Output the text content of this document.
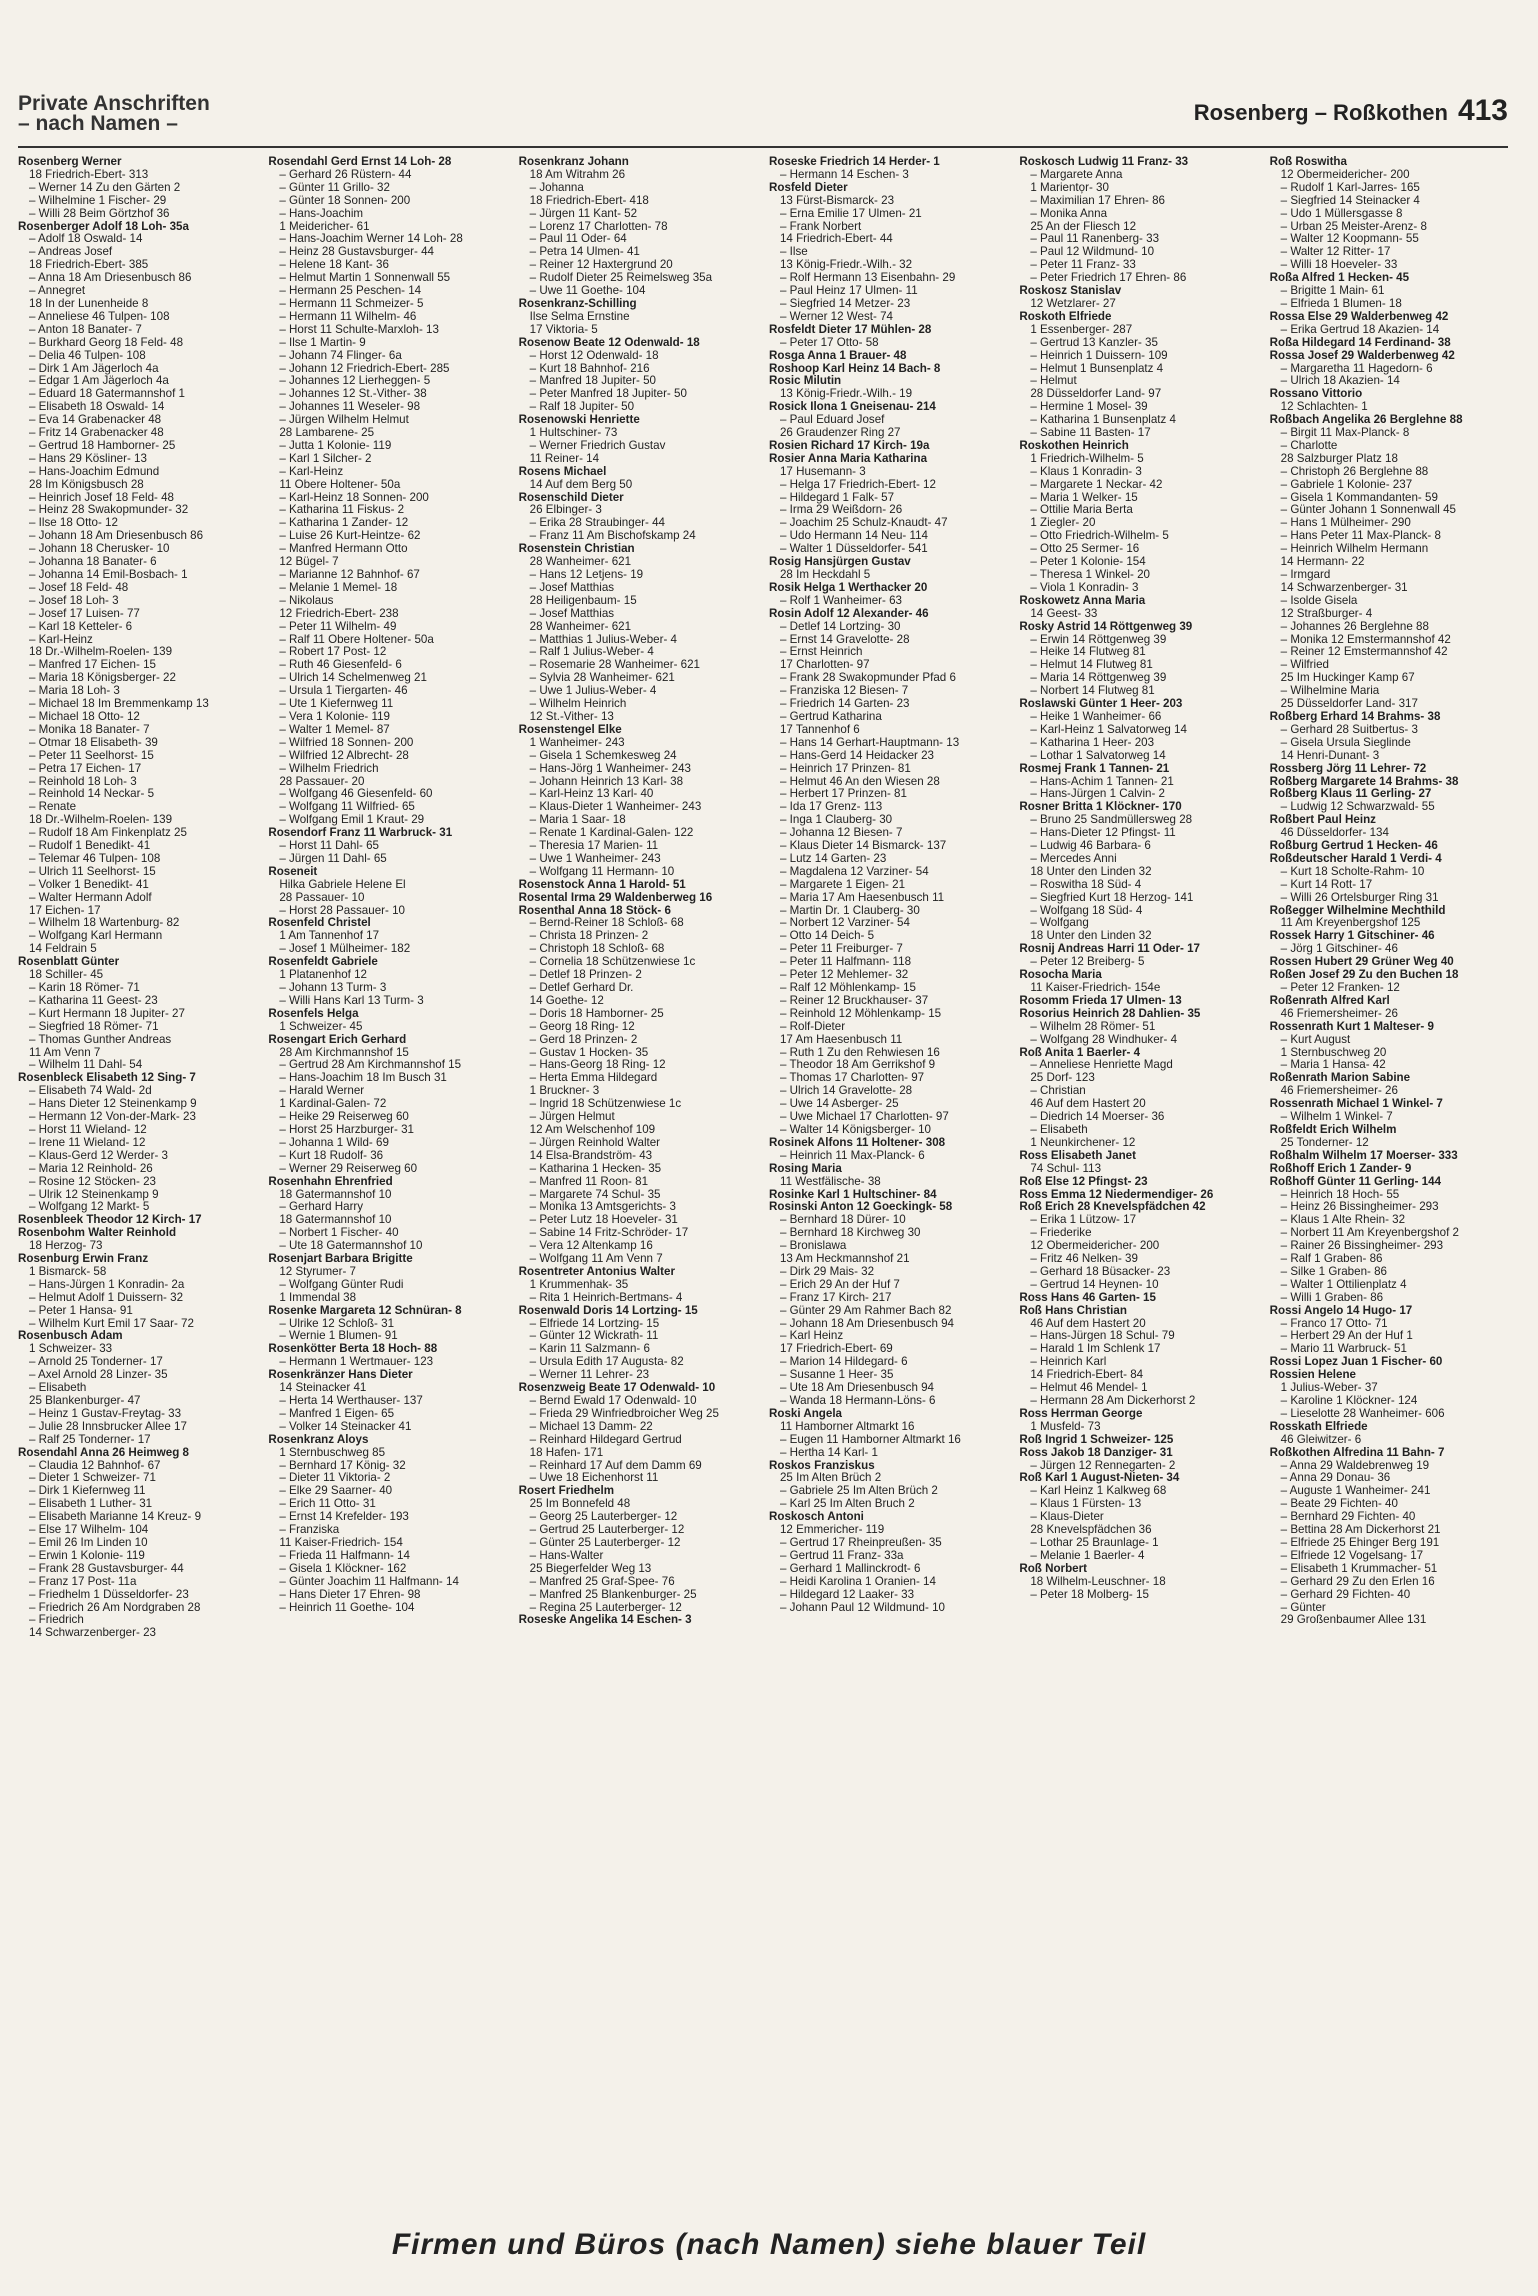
Private Anschriften
– nach Namen –	Rosenberg – Roßkothen 413
Rosenberg Werner
18 Friedrich-Ebert- 313
– Werner 14 Zu den Gärten 2
– Wilhelmine 1 Fischer- 29
– Willi 28 Beim Görtzhof 36
Rosenberger Adolf 18 Loh- 35a
– Adolf 18 Oswald- 14
– Andreas Josef
18 Friedrich-Ebert- 385
– Anna 18 Am Driesenbusch 86
– Annegret
18 In der Lunenheide 8
– Anneliese 46 Tulpen- 108
– Anton 18 Banater- 7
– Burkhard Georg 18 Feld- 48
– Delia 46 Tulpen- 108
– Dirk 1 Am Jägerloch 4a
– Edgar 1 Am Jägerloch 4a
– Eduard 18 Gatermannshof 1
– Elisabeth 18 Oswald- 14
– Eva 14 Grabenacker 48
– Fritz 14 Grabenacker 48
– Gertrud 18 Hamborner- 25
– Hans 29 Kösliner- 13
– Hans-Joachim Edmund
28 Im Königsbusch 28
– Heinrich Josef 18 Feld- 48
– Heinz 28 Swakopmunder- 32
– Ilse 18 Otto- 12
– Johann 18 Am Driesenbusch 86
– Johann 18 Cherusker- 10
– Johanna 18 Banater- 6
– Johanna 14 Emil-Bosbach- 1
– Josef 18 Feld- 48
– Josef 18 Loh- 3
– Josef 17 Luisen- 77
– Karl 18 Ketteler- 6
– Karl-Heinz
18 Dr.-Wilhelm-Roelen- 139
– Manfred 17 Eichen- 15
– Maria 18 Königsberger- 22
– Maria 18 Loh- 3
– Michael 18 Im Bremmenkamp 13
– Michael 18 Otto- 12
– Monika 18 Banater- 7
– Otmar 18 Elisabeth- 39
– Peter 11 Seelhorst- 15
– Petra 17 Eichen- 17
– Reinhold 18 Loh- 3
– Reinhold 14 Neckar- 5
– Renate
18 Dr.-Wilhelm-Roelen- 139
– Rudolf 18 Am Finkenplatz 25
– Rudolf 1 Benedikt- 41
– Telemar 46 Tulpen- 108
– Ulrich 11 Seelhorst- 15
– Volker 1 Benedikt- 41
– Walter Hermann Adolf
17 Eichen- 17
– Wilhelm 18 Wartenburg- 82
– Wolfgang Karl Hermann
14 Feldrain 5
Rosenblatt Günter
18 Schiller- 45
– Karin 18 Römer- 71
– Katharina 11 Geest- 23
– Kurt Hermann 18 Jupiter- 27
– Siegfried 18 Römer- 71
– Thomas Gunther Andreas
11 Am Venn 7
– Wilhelm 11 Dahl- 54
Rosenbleck Elisabeth 12 Sing- 7
– Elisabeth 74 Wald- 2d
– Hans Dieter 12 Steinenkamp 9
– Hermann 12 Von-der-Mark- 23
– Horst 11 Wieland- 12
– Irene 11 Wieland- 12
– Klaus-Gerd 12 Werder- 3
– Maria 12 Reinhold- 26
– Rosine 12 Stöcken- 23
– Ulrik 12 Steinenkamp 9
– Wolfgang 12 Markt- 5
Rosenbleek Theodor 12 Kirch- 17
Rosenbohm Walter Reinhold
18 Herzog- 73
Rosenburg Erwin Franz
1 Bismarck- 58
– Hans-Jürgen 1 Konradin- 2a
– Helmut Adolf 1 Duissern- 32
– Peter 1 Hansa- 91
– Wilhelm Kurt Emil 17 Saar- 72
Rosenbusch Adam
1 Schweizer- 33
– Arnold 25 Tonderner- 17
– Axel Arnold 28 Linzer- 35
– Elisabeth
25 Blankenburger- 47
– Heinz 1 Gustav-Freytag- 33
– Julie 28 Innsbrucker Allee 17
– Ralf 25 Tonderner- 17
Rosendahl Anna 26 Heimweg 8
– Claudia 12 Bahnhof- 67
– Dieter 1 Schweizer- 71
– Dirk 1 Kiefernweg 11
– Elisabeth 1 Luther- 31
– Elisabeth Marianne 14 Kreuz- 9
– Else 17 Wilhelm- 104
– Emil 26 Im Linden 10
– Erwin 1 Kolonie- 119
– Frank 28 Gustavsburger- 44
– Franz 17 Post- 11a
– Friedhelm 1 Düsseldorfer- 23
– Friedrich 26 Am Nordgraben 28
– Friedrich
14 Schwarzenberger- 23
Rosendahl Gerd Ernst 14 Loh- 28
– Gerhard 26 Rüstern- 44
– Günter 11 Grillo- 32
– Günter 18 Sonnen- 200
– Hans-Joachim
1 Meidericher- 61
– Hans-Joachim Werner 14 Loh- 28
– Heinz 28 Gustavsburger- 44
– Helene 18 Kant- 36
– Helmut Martin 1 Sonnenwall 55
– Hermann 25 Peschen- 14
– Hermann 11 Schmeizer- 5
– Hermann 11 Wilhelm- 46
– Horst 11 Schulte-Marxloh- 13
– Ilse 1 Martin- 9
– Johann 74 Flinger- 6a
– Johann 12 Friedrich-Ebert- 285
– Johannes 12 Lierheggen- 5
– Johannes 12 St.-Vither- 38
– Johannes 11 Weseler- 98
– Jürgen Wilhelm Helmut
28 Lambarene- 25
– Jutta 1 Kolonie- 119
– Karl 1 Silcher- 2
– Karl-Heinz
11 Obere Holtener- 50a
– Karl-Heinz 18 Sonnen- 200
– Katharina 11 Fiskus- 2
– Katharina 1 Zander- 12
– Luise 26 Kurt-Heintze- 62
– Manfred Hermann Otto
12 Bügel- 7
– Marianne 12 Bahnhof- 67
– Melanie 1 Memel- 18
– Nikolaus
12 Friedrich-Ebert- 238
– Peter 11 Wilhelm- 49
– Ralf 11 Obere Holtener- 50a
– Robert 17 Post- 12
– Ruth 46 Giesenfeld- 6
– Ulrich 14 Schelmenweg 21
– Ursula 1 Tiergarten- 46
– Ute 1 Kiefernweg 11
– Vera 1 Kolonie- 119
– Walter 1 Memel- 87
– Wilfried 18 Sonnen- 200
– Wilfried 12 Albrecht- 28
– Wilhelm Friedrich
28 Passauer- 20
– Wolfgang 46 Giesenfeld- 60
– Wolfgang 11 Wilfried- 65
– Wolfgang Emil 1 Kraut- 29
Rosendorf Franz 11 Warbruck- 31
– Horst 11 Dahl- 65
– Jürgen 11 Dahl- 65
Roseneit
Hilka Gabriele Helene El
28 Passauer- 10
– Horst 28 Passauer- 10
Rosenfeld Christel
1 Am Tannenhof 17
– Josef 1 Mülheimer- 182
Rosenfeldt Gabriele
1 Platanenhof 12
– Johann 13 Turm- 3
– Willi Hans Karl 13 Turm- 3
Rosenfels Helga
1 Schweizer- 45
Rosengart Erich Gerhard
28 Am Kirchmannshof 15
– Gertrud 28 Am Kirchmannshof 15
– Hans-Joachim 18 Im Busch 31
– Harald Werner
1 Kardinal-Galen- 72
– Heike 29 Reiserweg 60
– Horst 25 Harzburger- 31
– Johanna 1 Wild- 69
– Kurt 18 Rudolf- 36
– Werner 29 Reiserweg 60
Rosenhahn Ehrenfried
18 Gatermannshof 10
– Gerhard Harry
18 Gatermannshof 10
– Norbert 1 Fischer- 40
– Ute 18 Gatermannshof 10
Rosenjart Barbara Brigitte
12 Styrumer- 7
– Wolfgang Günter Rudi
1 Immendal 38
Rosenke Margareta 12 Schnüran- 8
– Ulrike 12 Schloß- 31
– Wernie 1 Blumen- 91
Rosenkötter Berta 18 Hoch- 88
– Hermann 1 Wertmauer- 123
Rosenkränzer Hans Dieter
14 Steinacker 41
– Herta 14 Werthauser- 137
– Manfred 1 Eigen- 65
– Volker 14 Steinacker 41
Rosenkranz Aloys
1 Sternbuschweg 85
– Bernhard 17 König- 32
– Dieter 11 Viktoria- 2
– Elke 29 Saarner- 40
– Erich 11 Otto- 31
– Ernst 14 Krefelder- 193
– Franziska
11 Kaiser-Friedrich- 154
– Frieda 11 Halfmann- 14
– Gisela 1 Klöckner- 162
– Günter Joachim 11 Halfmann- 14
– Hans Dieter 17 Ehren- 98
– Heinrich 11 Goethe- 104
Rosenkranz Johann
18 Am Witrahm 26
– Johanna
18 Friedrich-Ebert- 418
– Jürgen 11 Kant- 52
– Lorenz 17 Charlotten- 78
– Paul 11 Oder- 64
– Petra 14 Ulmen- 41
– Reiner 12 Haxtergrund 20
– Rudolf Dieter 25 Reimelsweg 35a
– Uwe 11 Goethe- 104
Rosenkranz-Schilling
Ilse Selma Ernstine
17 Viktoria- 5
Rosenow Beate 12 Odenwald- 18
– Horst 12 Odenwald- 18
– Kurt 18 Bahnhof- 216
– Manfred 18 Jupiter- 50
– Peter Manfred 18 Jupiter- 50
– Ralf 18 Jupiter- 50
Rosenowski Henriette
1 Hultschiner- 73
– Werner Friedrich Gustav
11 Reiner- 14
Rosens Michael
14 Auf dem Berg 50
Rosenschild Dieter
26 Elbinger- 3
– Erika 28 Straubinger- 44
– Franz 11 Am Bischofskamp 24
Rosenstein Christian
28 Wanheimer- 621
– Hans 12 Letjens- 19
– Josef Matthias
28 Heiligenbaum- 15
– Josef Matthias
28 Wanheimer- 621
– Matthias 1 Julius-Weber- 4
– Ralf 1 Julius-Weber- 4
– Rosemarie 28 Wanheimer- 621
– Sylvia 28 Wanheimer- 621
– Uwe 1 Julius-Weber- 4
– Wilhelm Heinrich
12 St.-Vither- 13
Rosenstengel Elke
1 Wanheimer- 243
– Gisela 1 Schemkesweg 24
– Hans-Jörg 1 Wanheimer- 243
– Johann Heinrich 13 Karl- 38
– Karl-Heinz 13 Karl- 40
– Klaus-Dieter 1 Wanheimer- 243
– Maria 1 Saar- 18
– Renate 1 Kardinal-Galen- 122
– Theresia 17 Marien- 11
– Uwe 1 Wanheimer- 243
– Wolfgang 11 Hermann- 10
Rosenstock Anna 1 Harold- 51
Rosental Irma 29 Waldenberweg 16
Rosenthal Anna 18 Stöck- 6
– Bernd-Reiner 18 Schloß- 68
– Christa 18 Prinzen- 2
– Christoph 18 Schloß- 68
– Cornelia 18 Schützenwiese 1c
– Detlef 18 Prinzen- 2
– Detlef Gerhard Dr.
14 Goethe- 12
– Doris 18 Hamborner- 25
– Georg 18 Ring- 12
– Gerd 18 Prinzen- 2
– Gustav 1 Hocken- 35
– Hans-Georg 18 Ring- 12
– Herta Emma Hildegard
1 Bruckner- 3
– Ingrid 18 Schützenwiese 1c
– Jürgen Helmut
12 Am Welschenhof 109
– Jürgen Reinhold Walter
14 Elsa-Brandström- 43
– Katharina 1 Hecken- 35
– Manfred 11 Roon- 81
– Margarete 74 Schul- 35
– Monika 13 Amtsgerichts- 3
– Peter Lutz 18 Hoeveler- 31
– Sabine 14 Fritz-Schröder- 17
– Vera 12 Altenkamp 16
– Wolfgang 11 Am Venn 7
Rosentreter Antonius Walter
1 Krummenhak- 35
– Rita 1 Heinrich-Bertmans- 4
Rosenwald Doris 14 Lortzing- 15
– Elfriede 14 Lortzing- 15
– Günter 12 Wickrath- 11
– Karin 11 Salzmann- 6
– Ursula Edith 17 Augusta- 82
– Werner 11 Lehrer- 23
Rosenzweig Beate 17 Odenwald- 10
– Bernd Ewald 17 Odenwald- 10
– Frieda 29 Winfriedbroicher Weg 25
– Michael 13 Damm- 22
– Reinhard Hildegard Gertrud
18 Hafen- 171
– Reinhard 17 Auf dem Damm 69
– Uwe 18 Eichenhorst 11
Rosert Friedhelm
25 Im Bonnefeld 48
– Georg 25 Lauterberger- 12
– Gertrud 25 Lauterberger- 12
– Günter 25 Lauterberger- 12
– Hans-Walter
25 Biegerfelder Weg 13
– Manfred 25 Graf-Spee- 76
– Manfred 25 Blankenburger- 25
– Regina 25 Lauterberger- 12
Roseske Angelika 14 Eschen- 3
Roseske Friedrich 14 Herder- 1
– Hermann 14 Eschen- 3
Rosfeld Dieter
13 Fürst-Bismarck- 23
– Erna Emilie 17 Ulmen- 21
– Frank Norbert
14 Friedrich-Ebert- 44
– Ilse
13 König-Friedr.-Wilh.- 32
– Rolf Hermann 13 Eisenbahn- 29
– Paul Heinz 17 Ulmen- 11
– Siegfried 14 Metzer- 23
– Werner 12 West- 74
Rosfeldt Dieter 17 Mühlen- 28
– Peter 17 Otto- 58
Rosga Anna 1 Brauer- 48
Roshoop Karl Heinz 14 Bach- 8
Rosic Milutin
13 König-Friedr.-Wilh.- 19
Rosick Ilona 1 Gneisenau- 214
– Paul Eduard Josef
26 Graudenzer Ring 27
Rosien Richard 17 Kirch- 19a
Rosier Anna Maria Katharina
17 Husemann- 3
– Helga 17 Friedrich-Ebert- 12
– Hildegard 1 Falk- 57
– Irma 29 Weißdorn- 26
– Joachim 25 Schulz-Knaudt- 47
– Udo Hermann 14 Neu- 114
– Walter 1 Düsseldorfer- 541
Rosig Hansjürgen Gustav
28 Im Heckdahl 5
Rosik Helga 1 Werthacker 20
– Rolf 1 Wanheimer- 63
Rosin Adolf 12 Alexander- 46
– Detlef 14 Lortzing- 30
– Ernst 14 Gravelotte- 28
– Ernst Heinrich
17 Charlotten- 97
– Frank 28 Swakopmunder Pfad 6
– Franziska 12 Biesen- 7
– Friedrich 14 Garten- 23
– Gertrud Katharina
17 Tannenhof 6
– Hans 14 Gerhart-Hauptmann- 13
– Hans-Gerd 14 Heidacker 23
– Heinrich 17 Prinzen- 81
– Helmut 46 An den Wiesen 28
– Herbert 17 Prinzen- 81
– Ida 17 Grenz- 113
– Inga 1 Clauberg- 30
– Johanna 12 Biesen- 7
– Klaus Dieter 14 Bismarck- 137
– Lutz 14 Garten- 23
– Magdalena 12 Varziner- 54
– Margarete 1 Eigen- 21
– Maria 17 Am Haesenbusch 11
– Martin Dr. 1 Clauberg- 30
– Norbert 12 Varziner- 54
– Otto 14 Deich- 5
– Peter 11 Freiburger- 7
– Peter 11 Halfmann- 118
– Peter 12 Mehlemer- 32
– Ralf 12 Möhlenkamp- 15
– Reiner 12 Bruckhauser- 37
– Reinhold 12 Möhlenkamp- 15
– Rolf-Dieter
17 Am Haesenbusch 11
– Ruth 1 Zu den Rehwiesen 16
– Theodor 18 Am Gerrikshof 9
– Thomas 17 Charlotten- 97
– Ulrich 14 Gravelotte- 28
– Uwe 14 Asberger- 25
– Uwe Michael 17 Charlotten- 97
– Walter 14 Königsberger- 10
Rosinek Alfons 11 Holtener- 308
– Heinrich 11 Max-Planck- 6
Rosing Maria
11 Westfälische- 38
Rosinke Karl 1 Hultschiner- 84
Rosinski Anton 12 Goeckingk- 58
– Bernhard 18 Dürer- 10
– Bernhard 18 Kirchweg 30
– Bronislawa
13 Am Heckmannshof 21
– Dirk 29 Mais- 32
– Erich 29 An der Huf 7
– Franz 17 Kirch- 217
– Günter 29 Am Rahmer Bach 82
– Johann 18 Am Driesenbusch 94
– Karl Heinz
17 Friedrich-Ebert- 69
– Marion 14 Hildegard- 6
– Susanne 1 Heer- 35
– Ute 18 Am Driesenbusch 94
– Wanda 18 Hermann-Löns- 6
Roski Angela
11 Hamborner Altmarkt 16
– Eugen 11 Hamborner Altmarkt 16
– Hertha 14 Karl- 1
Roskos Franziskus
25 Im Alten Brüch 2
– Gabriele 25 Im Alten Brüch 2
– Karl 25 Im Alten Bruch 2
Roskosch Antoni
12 Emmericher- 119
– Gertrud 17 Rheinpreußen- 35
– Gertrud 11 Franz- 33a
– Gerhard 1 Mallinckrodt- 6
– Heidi Karolina 1 Oranien- 14
– Hildegard 12 Laaker- 33
– Johann Paul 12 Wildmund- 10
Roskosch Ludwig 11 Franz- 33
– Margarete Anna
1 Mariento̦r- 30
– Maximilian 17 Ehren- 86
– Monika Anna
25 An der Fliesch 12
– Paul 11 Ranenberg- 33
– Paul 12 Wildmund- 10
– Peter 11 Franz- 33
– Peter Friedrich 17 Ehren- 86
Roskosz Stanislav
12 Wetzlarer- 27
Roskoth Elfriede
1 Essenberger- 287
– Gertrud 13 Kanzler- 35
– Heinrich 1 Duissern- 109
– Helmut 1 Bunsenplatz 4
– Helmut
28 Düsseldorfer Land- 97
– Hermine 1 Mosel- 39
– Katharina 1 Bunsenplatz 4
– Sabine 11 Basten- 17
Roskothen Heinrich
1 Friedrich-Wilhelm- 5
– Klaus 1 Konradin- 3
– Margarete 1 Neckar- 42
– Maria 1 Welker- 15
– Ottilie Maria Berta
1 Ziegler- 20
– Otto Friedrich-Wilhelm- 5
– Otto 25 Sermer- 16
– Peter 1 Kolonie- 154
– Theresa 1 Winkel- 20
– Viola 1 Konradin- 3
Roskowetz Anna Maria
14 Geest- 33
Rosky Astrid 14 Röttgenweg 39
– Erwin 14 Röttgenweg 39
– Heike 14 Flutweg 81
– Helmut 14 Flutweg 81
– Maria 14 Röttgenweg 39
– Norbert 14 Flutweg 81
Roslawski Günter 1 Heer- 203
– Heike 1 Wanheimer- 66
– Karl-Heinz 1 Salvatorweg 14
– Katharina 1 Heer- 203
– Lothar 1 Salvatorweg 14
Rosmej Frank 1 Tannen- 21
– Hans-Achim 1 Tannen- 21
– Hans-Jürgen 1 Calvin- 2
Rosner Britta 1 Klöckner- 170
– Bruno 25 Sandmüllersweg 28
– Hans-Dieter 12 Pfingst- 11
– Ludwig 46 Barbara- 6
– Mercedes Anni
18 Unter den Linden 32
– Roswitha 18 Süd- 4
– Siegfried Kurt 18 Herzog- 141
– Wolfgang 18 Süd- 4
– Wolfgang
18 Unter den Linden 32
Rosnij Andreas Harri 11 Oder- 17
– Peter 12 Breiberg- 5
Rosocha Maria
11 Kaiser-Friedrich- 154e
Rosomm Frieda 17 Ulmen- 13
Rosorius Heinrich 28 Dahlien- 35
– Wilhelm 28 Römer- 51
– Wolfgang 28 Windhuker- 4
Roß Anita 1 Baerler- 4
– Anneliese Henriette Magd
25 Dorf- 123
– Christian
46 Auf dem Hastert 20
– Diedrich 14 Moerser- 36
– Elisabeth
1 Neunkirchener- 12
Ross Elisabeth Janet
74 Schul- 113
Roß Else 12 Pfingst- 23
Ross Emma 12 Niedermendiger- 26
Roß Erich 28 Knevelspfädchen 42
– Erika 1 Lützow- 17
– Friederike
12 Obermeidericher- 200
– Fritz 46 Nelken- 39
– Gerhard 18 Büsacker- 23
– Gertrud 14 Heynen- 10
Ross Hans 46 Garten- 15
Roß Hans Christian
46 Auf dem Hastert 20
– Hans-Jürgen 18 Schul- 79
– Harald 1 Im Schlenk 17
– Heinrich Karl
14 Friedrich-Ebert- 84
– Helmut 46 Mendel- 1
– Hermann 28 Am Dickerhorst 2
Ross Herrman George
1 Musfeld- 73
Roß Ingrid 1 Schweizer- 125
Ross Jakob 18 Danziger- 31
– Jürgen 12 Rennegarten- 2
Roß Karl 1 August-Nieten- 34
– Karl Heinz 1 Kalkweg 68
– Klaus 1 Fürsten- 13
– Klaus-Dieter
28 Knevelspfädchen 36
– Lothar 25 Braunlage- 1
– Melanie 1 Baerler- 4
Roß Norbert
18 Wilhelm-Leuschner- 18
– Peter 18 Molberg- 15
Roß Roswitha
12 Obermeidericher- 200
– Rudolf 1 Karl-Jarres- 165
– Siegfried 14 Steinacker 4
– Udo 1 Müllersgasse 8
– Urban 25 Meister-Arenz- 8
– Walter 12 Koopmann- 55
– Walter 12 Ritter- 17
– Willi 18 Hoeveler- 33
Roßa Alfred 1 Hecken- 45
– Brigitte 1 Main- 61
– Elfrieda 1 Blumen- 18
Rossa Else 29 Walderbenweg 42
– Erika Gertrud 18 Akazien- 14
Roßa Hildegard 14 Ferdinand- 38
Rossa Josef 29 Walderbenweg 42
– Margaretha 11 Hagedorn- 6
– Ulrich 18 Akazien- 14
Rossano Vittorio
12 Schlachten- 1
Roßbach Angelika 26 Berglehne 88
– Birgit 11 Max-Planck- 8
– Charlotte
28 Salzburger Platz 18
– Christoph 26 Berglehne 88
– Gabriele 1 Kolonie- 237
– Gisela 1 Kommandanten- 59
– Günter Johann 1 Sonnenwall 45
– Hans 1 Mülheimer- 290
– Hans Peter 11 Max-Planck- 8
– Heinrich Wilhelm Hermann
14 Hermann- 22
– Irmgard
14 Schwarzenberger- 31
– Isolde Gisela
12 Straßburger- 4
– Johannes 26 Berglehne 88
– Monika 12 Emstermannshof 42
– Reiner 12 Emstermannshof 42
– Wilfried
25 Im Huckinger Kamp 67
– Wilhelmine Maria
25 Düsseldorfer Land- 317
Roßberg Erhard 14 Brahms- 38
– Gerhard 28 Suitbertus- 3
– Gisela Ursula Sieglinde
14 Henri-Dunant- 3
Rossberg Jörg 11 Lehrer- 72
Roßberg Margarete 14 Brahms- 38
Roßberg Klaus 11 Gerling- 27
– Ludwig 12 Schwarzwald- 55
Roßbert Paul Heinz
46 Düsseldorfer- 134
Roßburg Gertrud 1 Hecken- 46
Roßdeutscher Harald 1 Verdi- 4
– Kurt 18 Scholte-Rahm- 10
– Kurt 14 Rott- 17
– Willi 26 Ortelsburger Ring 31
Roßegger Wilhelmine Mechthild
11 Am Kreyenbergshof 125
Rossek Harry 1 Gitschiner- 46
– Jörg 1 Gitschiner- 46
Rossen Hubert 29 Grüner Weg 40
Roßen Josef 29 Zu den Buchen 18
– Peter 12 Franken- 12
Roßenrath Alfred Karl
46 Friemersheimer- 26
Rossenrath Kurt 1 Malteser- 9
– Kurt August
1 Sternbuschweg 20
– Maria 1 Hansa- 42
Roßenrath Marion Sabine
46 Friemersheimer- 26
Rossenrath Michael 1 Winkel- 7
– Wilhelm 1 Winkel- 7
Roßfeldt Erich Wilhelm
25 Tonderner- 12
Roßhalm Wilhelm 17 Moerser- 333
Roßhoff Erich 1 Zander- 9
Roßhoff Günter 11 Gerling- 144
– Heinrich 18 Hoch- 55
– Heinz 26 Bissingheimer- 293
– Klaus 1 Alte Rhein- 32
– Norbert 11 Am Kreyenbergshof 2
– Rainer 26 Bissingheimer- 293
– Ralf 1 Graben- 86
– Silke 1 Graben- 86
– Walter 1 Ottilienplatz 4
– Willi 1 Graben- 86
Rossi Angelo 14 Hugo- 17
– Franco 17 Otto- 71
– Herbert 29 An der Huf 1
– Mario 11 Warbruck- 51
Rossi Lopez Juan 1 Fischer- 60
Rossien Helene
1 Julius-Weber- 37
– Karoline 1 Klöckner- 124
– Lieselotte 28 Wanheimer- 606
Rosskath Elfriede
46 Gleiwitzer- 6
Roßkothen Alfredina 11 Bahn- 7
– Anna 29 Waldebrenweg 19
– Anna 29 Donau- 36
– Auguste 1 Wanheimer- 241
– Beate 29 Fichten- 40
– Bernhard 29 Fichten- 40
– Bettina 28 Am Dickerhorst 21
– Elfriede 25 Ehinger Berg 191
– Elfriede 12 Vogelsang- 17
– Elisabeth 1 Krummacher- 51
– Gerhard 29 Zu den Erlen 16
– Gerhard 29 Fichten- 40
– Günter
29 Großenbaumer Allee 131
Firmen und Büros (nach Namen) siehe blauer Teil
